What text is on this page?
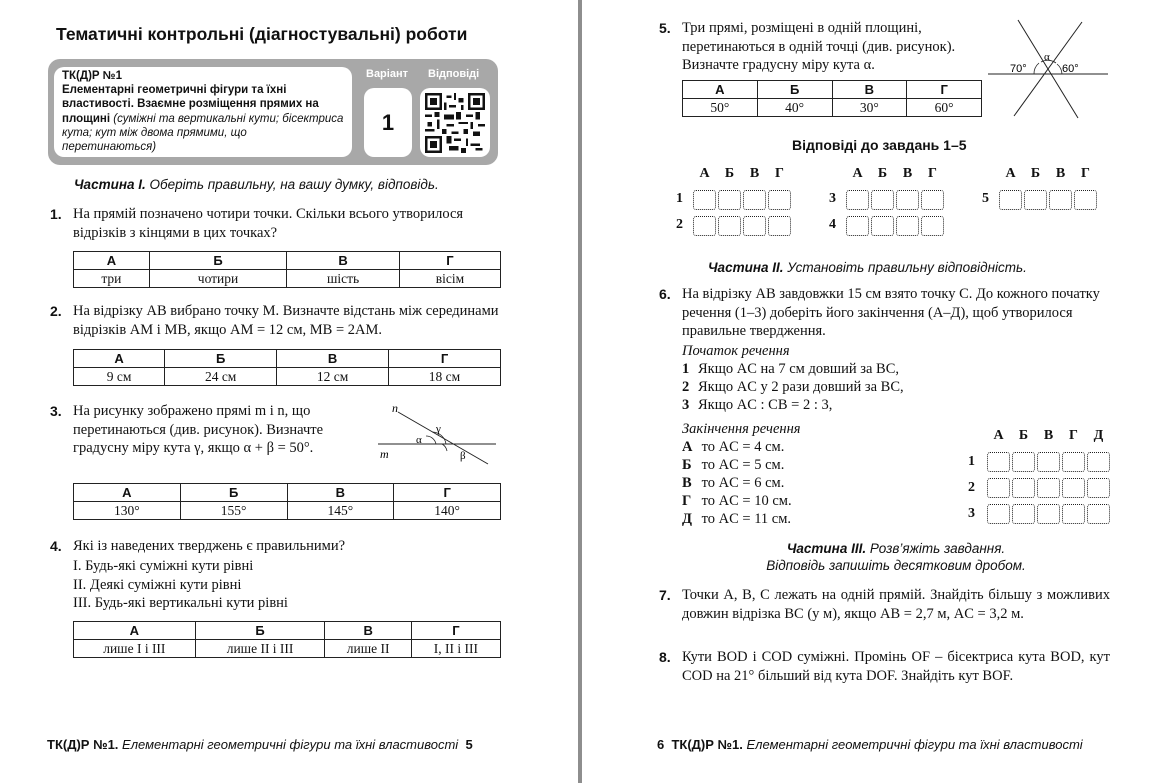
Тематичні контрольні (діагностувальні) роботи
ТК(Д)Р №1
Елементарні геометричні фігури та їхні властивості. Взаємне розміщення прямих на площині (суміжні та вертикальні кути; бісектриса кута; кут між двома прямими, що перетинаються)
Варіант Відповіді
1
Частина І. Оберіть правильну, на вашу думку, відповідь.
1. На прямій позначено чотири точки. Скільки всього утворилося відрізків з кінцями в цих точках?
А	Б	В	Г
три	чотири	шість	вісім
2. На відрізку AB вибрано точку M. Визначте відстань між серединами відрізків AM і MB, якщо AM = 12 см, MB = 2AM.
А	Б	В	Г
9 см	24 см	12 см	18 см
3. На рисунку зображено прямі m і n, що перетинаються (див. рисунок). Визначте градусну міру кута γ, якщо α + β = 50°.
n
m
α
γ
β
А	Б	В	Г
130°	155°	145°	140°
4. Які із наведених тверджень є правильними?
І. Будь-які суміжні кути рівні
ІІ. Деякі суміжні кути рівні
ІІІ. Будь-які вертикальні кути рівні
А	Б	В	Г
лише І і ІІІ	лише ІІ і ІІІ	лише ІІ	І, ІІ і ІІІ
ТК(Д)Р №1. Елементарні геометричні фігури та їхні властивості 5
5. Три прямі, розміщені в одній площині, перетинаються в одній точці (див. рисунок). Визначте градусну міру кута α.	70°	60°
α
А	Б	В	Г
50°	40°	30°	60°
Відповіді до завдань 1–5
А Б В Г
1
2
А Б В Г
3
4
А Б В Г
5
Частина ІІ. Установіть правильну відповідність.
6. На відрізку AB завдовжки 15 см взято точку C. До кожного початку речення (1–3) доберіть його закінчення (А–Д), щоб утворилося правильне твердження.
Початок речення
1 Якщо AC на 7 см довший за BC,
2 Якщо AC у 2 рази довший за BC,
3 Якщо AC : CB = 2 : 3,
Закінчення речення
А то AC = 4 см.
Б то AC = 5 см.
В то AC = 6 см.
Г то AC = 10 см.
Д то AC = 11 см.
А Б В Г Д
1
2
3
Частина ІІІ. Розв’яжіть завдання.
Відповідь запишіть десятковим дробом.
7. Точки A, B, C лежать на одній прямій. Знайдіть більшу з можливих довжин відрізка BC (у м), якщо AB = 2,7 м, AC = 3,2 м.
8. Кути BOD і COD суміжні. Промінь OF – бісектриса кута BOD, кут COD на 21° більший від кута DOF. Знайдіть кут BOF.
6 ТК(Д)Р №1. Елементарні геометричні фігури та їхні властивості
